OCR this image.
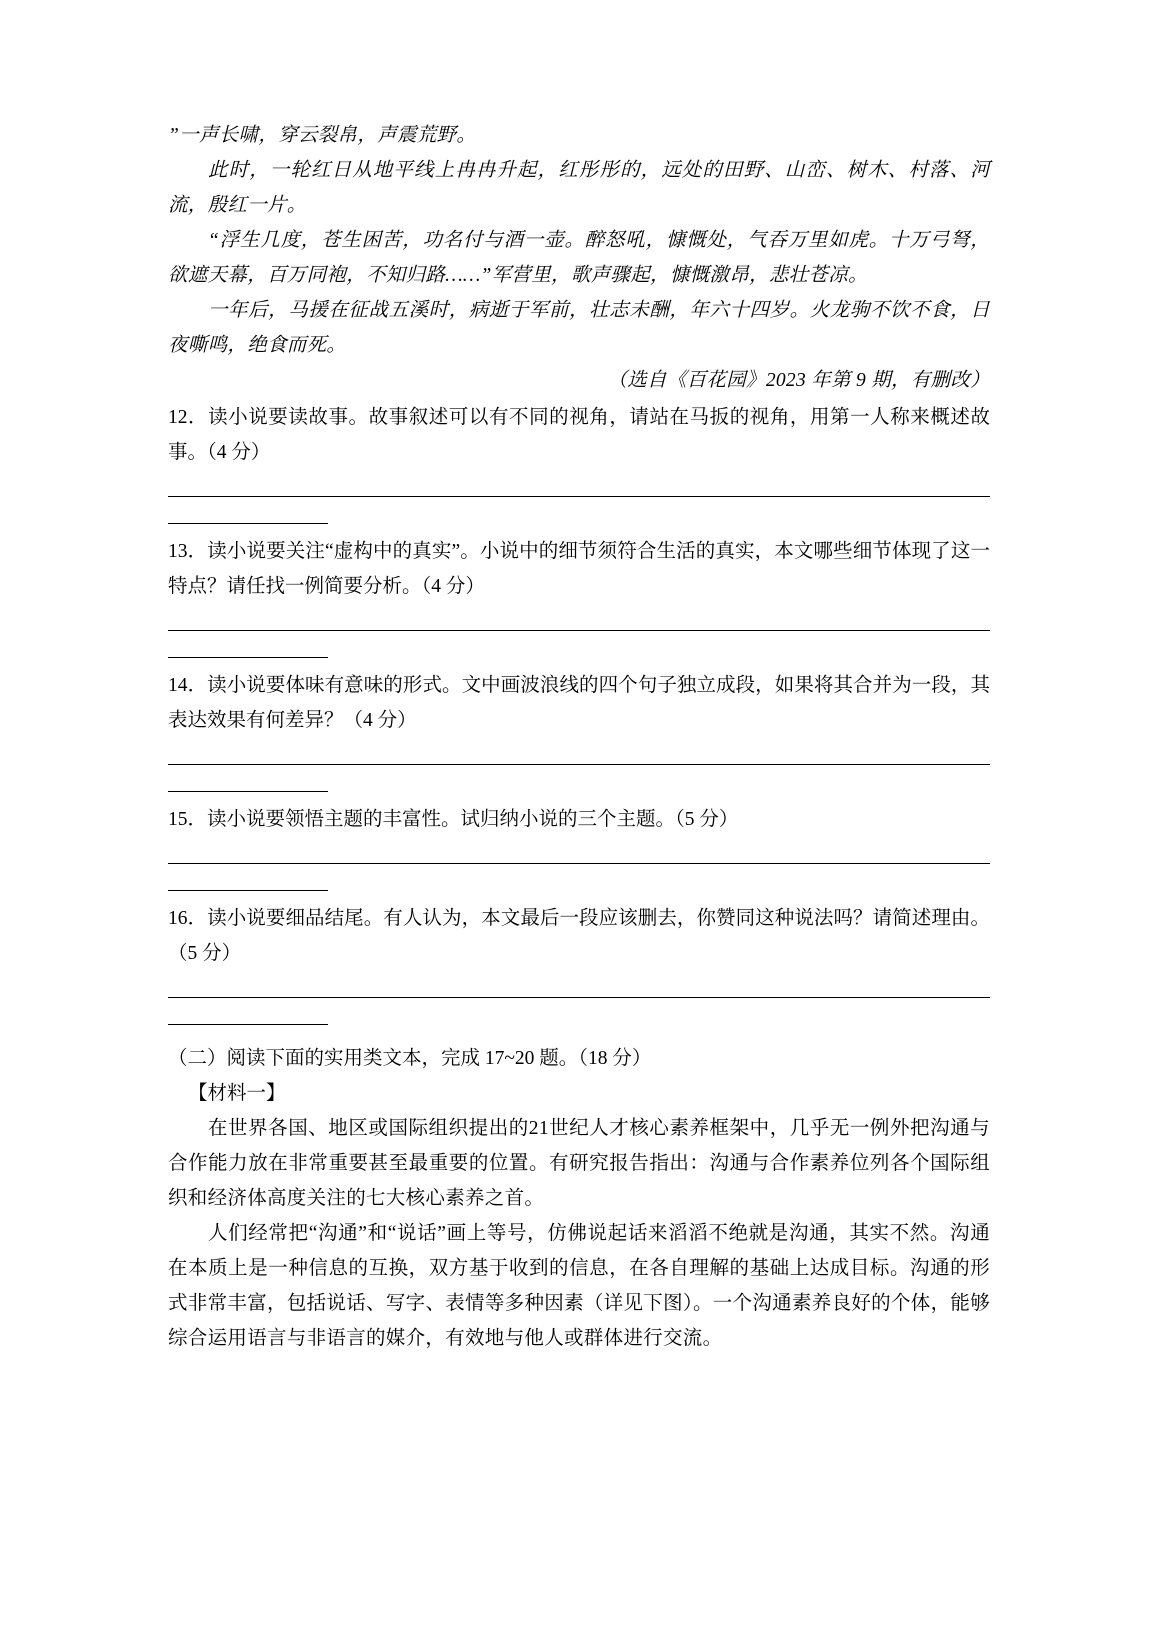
”一声长啸，穿云裂帛，声震荒野。

此时，一轮红日从地平线上冉冉升起，红彤彤的，远处的田野、山峦、树木、村落、河流，殷红一片。

“浮生几度，苍生困苦，功名付与酒一壶。醉怒吼，慷慨处，气吞万里如虎。十万弓弩，欲遮天幕，百万同袍，不知归路……”军营里，歌声骤起，慷慨激昂，悲壮苍凉。

一年后，马援在征战五溪时，病逝于军前，壮志未酬，年六十四岁。火龙驹不饮不食，日夜嘶鸣，绝食而死。

（选自《百花园》2023 年第 9 期，有删改）

12．读小说要读故事。故事叙述可以有不同的视角，请站在马扳的视角，用第一人称来概述故事。（4 分）

13．读小说要关注“虚构中的真实”。小说中的细节须符合生活的真实，本文哪些细节体现了这一特点？请任找一例简要分析。（4 分）

14．读小说要体味有意味的形式。文中画波浪线的四个句子独立成段，如果将其合并为一段，其表达效果有何差异？（4 分）

15．读小说要领悟主题的丰富性。试归纳小说的三个主题。（5 分）

16．读小说要细品结尾。有人认为，本文最后一段应该删去，你赞同这种说法吗？请简述理由。（5 分）

（二）阅读下面的实用类文本，完成 17~20 题。（18 分）

【材料一】

在世界各国、地区或国际组织提出的21世纪人才核心素养框架中，几乎无一例外把沟通与合作能力放在非常重要甚至最重要的位置。有研究报告指出：沟通与合作素养位列各个国际组织和经济体高度关注的七大核心素养之首。

人们经常把“沟通”和“说话”画上等号，仿佛说起话来滔滔不绝就是沟通，其实不然。沟通在本质上是一种信息的互换，双方基于收到的信息，在各自理解的基础上达成目标。沟通的形式非常丰富，包括说话、写字、表情等多种因素（详见下图）。一个沟通素养良好的个体，能够综合运用语言与非语言的媒介，有效地与他人或群体进行交流。
